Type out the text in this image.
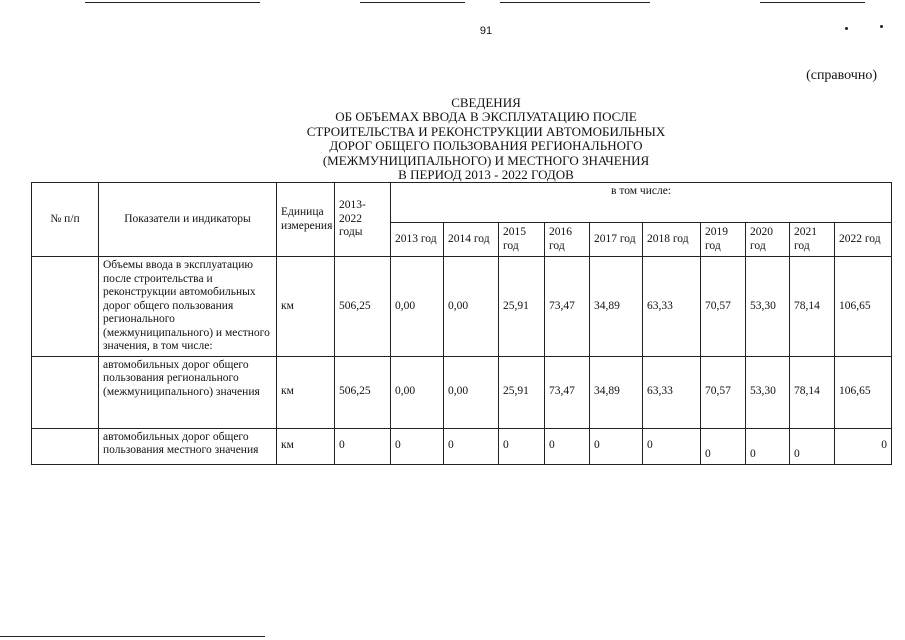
91
(справочно)
СВЕДЕНИЯ
ОБ ОБЪЕМАХ ВВОДА В ЭКСПЛУАТАЦИЮ ПОСЛЕ
СТРОИТЕЛЬСТВА И РЕКОНСТРУКЦИИ АВТОМОБИЛЬНЫХ
ДОРОГ ОБЩЕГО ПОЛЬЗОВАНИЯ РЕГИОНАЛЬНОГО
(МЕЖМУНИЦИПАЛЬНОГО) И МЕСТНОГО ЗНАЧЕНИЯ
В ПЕРИОД 2013 - 2022 ГОДОВ
№ п/п	Показатели и индикаторы	Единица измерения	2013-2022 годы	в том числе:									
				2013 год	2014 год	2015 год	2016 год	2017 год	2018 год	2019 год	2020 год	2021 год	2022 год
	Объемы ввода в эксплуатацию после строительства и реконструкции автомобильных дорог общего пользования регионального (межмуниципального) и местного значения, в том числе:	км	506,25	0,00	0,00	25,91	73,47	34,89	63,33	70,57	53,30	78,14	106,65
	автомобильных дорог общего пользования регионального (межмуниципального) значения	км	506,25	0,00	0,00	25,91	73,47	34,89	63,33	70,57	53,30	78,14	106,65
	автомобильных дорог общего пользования местного значения	км	0	0	0	0	0	0	0	0	0	0	0
